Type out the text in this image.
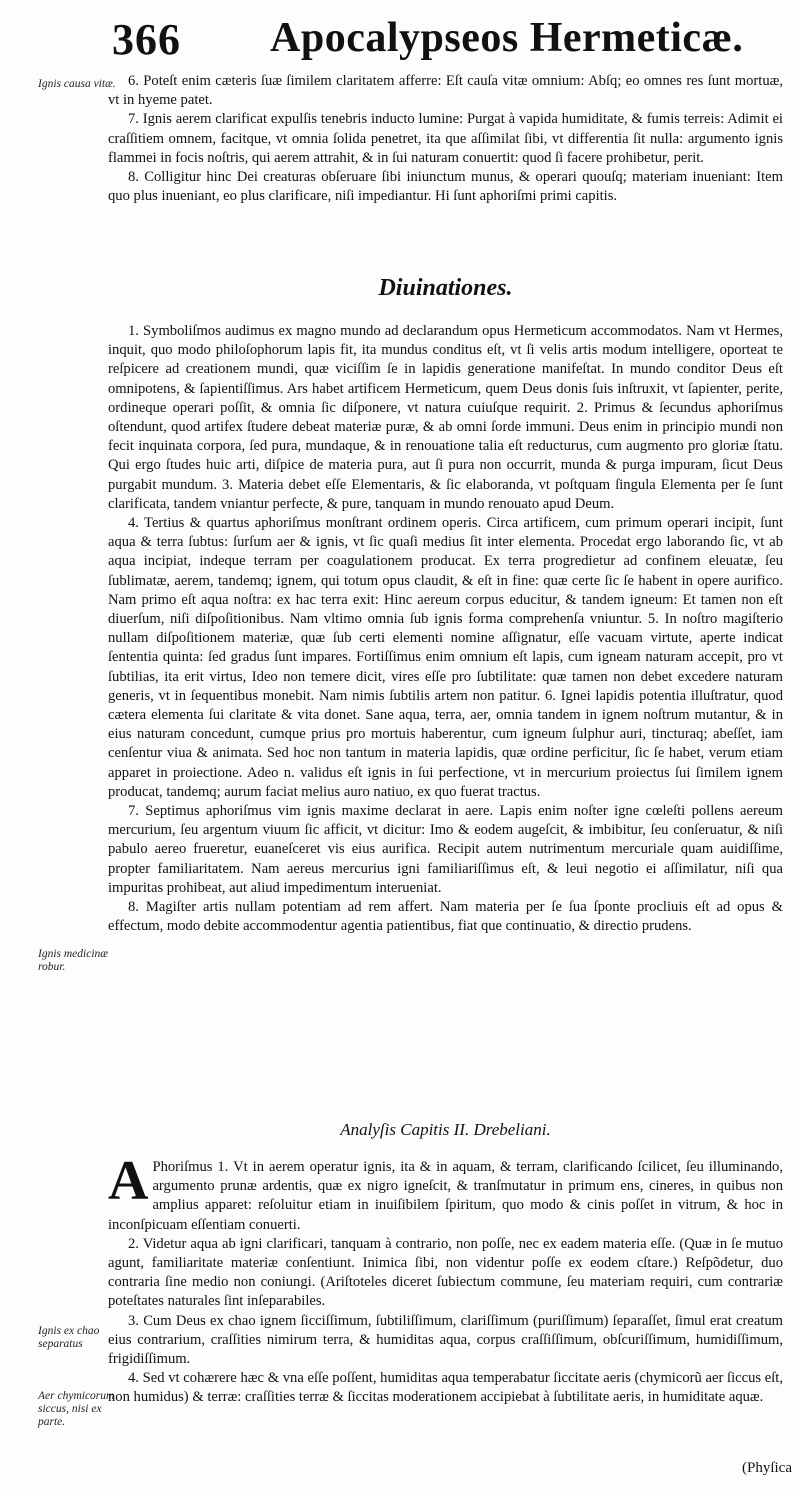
366 Apocalypseos Hermeticæ.
Ignis causa vitæ.
Ignis medicinæ robur.
Ignis ex chao separatus
Aer chymicorum siccus, nisi ex parte.

6. Poteſt enim cæteris ſuæ ſimilem claritatem afferre: Eſt cauſa vitæ omnium: Abſq; eo omnes res ſunt mortuæ, vt in hyeme patet.

7. Ignis aerem clarificat expulſis tenebris inducto lumine: Purgat à vapida humiditate, & fumis terreis: Adimit ei craſſitiem omnem, facitque, vt omnia ſolida penetret, ita que aſſimilat ſibi, vt differentia ſit nulla: argumento ignis flammei in focis noſtris, qui aerem attrahit, & in ſui naturam conuertit: quod ſi facere prohibetur, perit.

8. Colligitur hinc Dei creaturas obſeruare ſibi iniunctum munus, & operari quouſq; materiam inueniant: Item quo plus inueniant, eo plus clarificare, niſi impediantur. Hi ſunt aphoriſmi primi capitis.

Diuinationes.

1. Symboliſmos audimus ex magno mundo ad declarandum opus Hermeticum accommodatos. Nam vt Hermes, inquit, quo modo philoſophorum lapis fit, ita mundus conditus eſt, vt ſi velis artis modum intelligere, oporteat te reſpicere ad creationem mundi, quæ viciſſim ſe in lapidis generatione manifeſtat. In mundo conditor Deus eſt omnipotens, & ſapientiſſimus. Ars habet artificem Hermeticum, quem Deus donis ſuis inſtruxit, vt ſapienter, perite, ordineque operari poſſit, & omnia ſic diſponere, vt natura cuiuſque requirit. 2. Primus & ſecundus aphoriſmus oſtendunt, quod artifex ſtudere debeat materiæ puræ, & ab omni ſorde immuni. Deus enim in principio mundi non fecit inquinata corpora, ſed pura, mundaque, & in renouatione talia eſt reducturus, cum augmento pro gloriæ ſtatu. Qui ergo ſtudes huic arti, diſpice de materia pura, aut ſi pura non occurrit, munda & purga impuram, ſicut Deus purgabit mundum. 3. Materia debet eſſe Elementaris, & ſic elaboranda, vt poſtquam ſingula Elementa per ſe ſunt clarificata, tandem vniantur perfecte, & pure, tanquam in mundo renouato apud Deum.

4. Tertius & quartus aphoriſmus monſtrant ordinem operis. Circa artificem, cum primum operari incipit, ſunt aqua & terra ſubtus: ſurſum aer & ignis, vt ſic quaſi medius ſit inter elementa. Procedat ergo laborando ſic, vt ab aqua incipiat, indeque terram per coagulationem producat. Ex terra progredietur ad confinem eleuatæ, ſeu ſublimatæ, aerem, tandemq; ignem, qui totum opus claudit, & eſt in fine: quæ certe ſic ſe habent in opere aurifico. Nam primo eſt aqua noſtra: ex hac terra exit: Hinc aereum corpus educitur, & tandem igneum: Et tamen non eſt diuerſum, niſi diſpoſitionibus. Nam vltimo omnia ſub ignis forma comprehenſa vniuntur. 5. In noſtro magiſterio nullam diſpoſitionem materiæ, quæ ſub certi elementi nomine aſſignatur, eſſe vacuam virtute, aperte indicat ſententia quinta: ſed gradus ſunt impares. Fortiſſimus enim omnium eſt lapis, cum igneam naturam accepit, pro vt ſubtilias, ita erit virtus, Ideo non temere dicit, vires eſſe pro ſubtilitate: quæ tamen non debet excedere naturam generis, vt in ſequentibus monebit. Nam nimis ſubtilis artem non patitur. 6. Ignei lapidis potentia illuſtratur, quod cætera elementa ſui claritate & vita donet. Sane aqua, terra, aer, omnia tandem in ignem noſtrum mutantur, & in eius naturam concedunt, cumque prius pro mortuis haberentur, cum igneum ſulphur auri, tincturaq; abeſſet, iam cenſentur viua & animata. Sed hoc non tantum in materia lapidis, quæ ordine perficitur, ſic ſe habet, verum etiam apparet in proiectione. Adeo n. validus eſt ignis in ſui perfectione, vt in mercurium proiectus ſui ſimilem ignem producat, tandemq; aurum faciat melius auro natiuo, ex quo fuerat tractus.

7. Septimus aphoriſmus vim ignis maxime declarat in aere. Lapis enim noſter igne cœleſti pollens aereum mercurium, ſeu argentum viuum ſic afficit, vt dicitur: Imo & eodem augeſcit, & imbibitur, ſeu conſeruatur, & niſi pabulo aereo frueretur, euaneſceret vis eius aurifica. Recipit autem nutrimentum mercuriale quam auidiſſime, propter familiaritatem. Nam aereus mercurius igni familiariſſimus eſt, & leui negotio ei aſſimilatur, niſi qua impuritas prohibeat, aut aliud impedimentum interueniat.

8. Magiſter artis nullam potentiam ad rem affert. Nam materia per ſe ſua ſponte procliuis eſt ad opus & effectum, modo debite accommodentur agentia patientibus, fiat que continuatio, & directio prudens.

Analyſis Capitis II. Drebeliani.

A Phoriſmus 1. Vt in aerem operatur ignis, ita & in aquam, & terram, clarificando ſcilicet, ſeu illuminando, argumento prunæ ardentis, quæ ex nigro igneſcit, & tranſmutatur in primum ens, cineres, in quibus non amplius apparet: reſoluitur etiam in inuiſibilem ſpiritum, quo modo & cinis poſſet in vitrum, & hoc in inconſpicuam eſſentiam conuerti.

2. Videtur aqua ab igni clarificari, tanquam à contrario, non poſſe, nec ex eadem materia eſſe. (Quæ in ſe mutuo agunt, familiaritate materiæ conſentiunt. Inimica ſibi, non videntur poſſe ex eodem cſtare.) Reſpõdetur, duo contraria ſine medio non coniungi. (Ariſtoteles diceret ſubiectum commune, ſeu materiam requiri, cum contrariæ poteſtates naturales ſint inſeparabiles.

3. Cum Deus ex chao ignem ſicciſſimum, ſubtiliſſimum, clariſſimum (puriſſimum) ſeparaſſet, ſimul erat creatum eius contrarium, craſſities nimirum terra, & humiditas aqua, corpus craſſiſſimum, obſcuriſſimum, humidiſſimum, frigidiſſimum.

4. Sed vt cohærere hæc & vna eſſe poſſent, humiditas aqua temperabatur ſiccitate aeris (chymicorũ aer ſiccus eſt, non humidus) & terræ: craſſities terræ & ſiccitas moderationem accipiebat à ſubtilitate aeris, in humiditate aquæ.

(Phyſica
